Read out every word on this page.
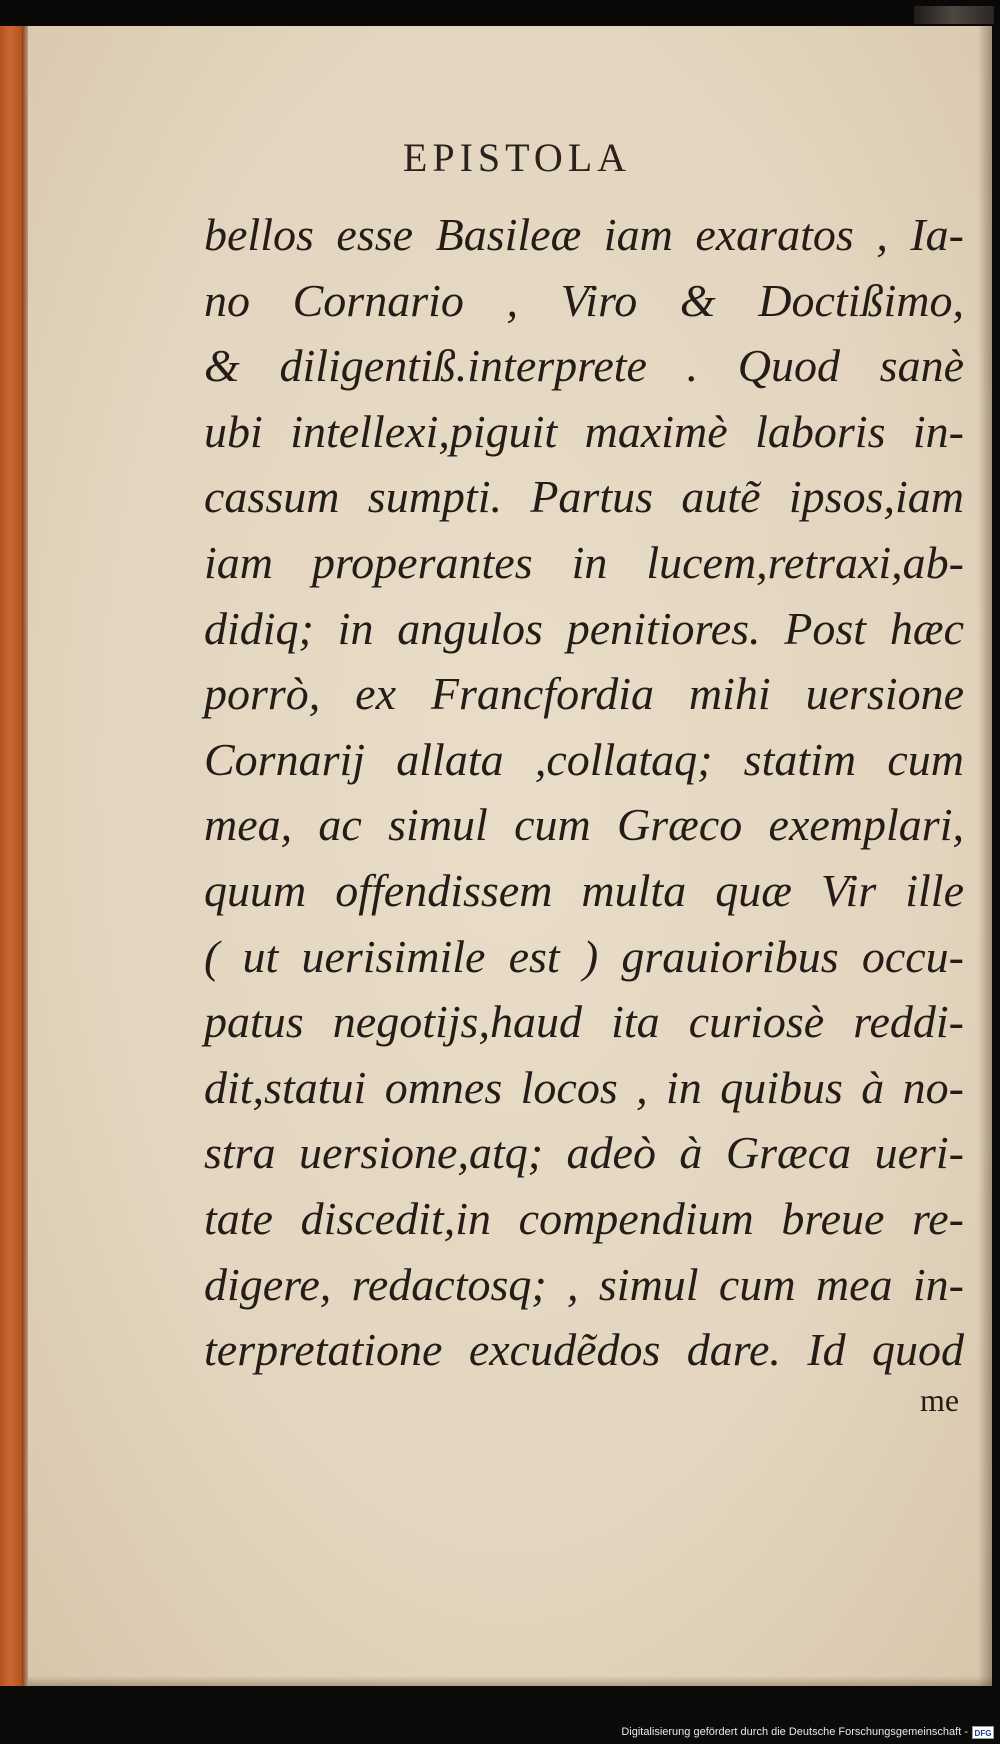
EPISTOLA
bellos esse Basileæ iam exaratos , Ia-
no Cornario , Viro & Doctißimo,
& diligentiß.interprete . Quod sanè
ubi intellexi,piguit maximè laboris in-
cassum sumpti. Partus autẽ ipsos,iam
iam properantes in lucem,retraxi,ab-
didiq; in angulos penitiores. Post hæc
porrò, ex Francfordia mihi uersione
Cornarij allata ,collataq; statim cum
mea, ac simul cum Græco exemplari,
quum offendissem multa quæ Vir ille
( ut uerisimile est ) grauioribus occu-
patus negotijs,haud ita curiosè reddi-
dit,statui omnes locos , in quibus à no-
stra uersione,atq; adeò à Græca ueri-
tate discedit,in compendium breue re-
digere, redactosq; , simul cum mea in-
terpretatione excudẽdos dare. Id quod
me
Digitalisierung gefördert durch die Deutsche Forschungsgemeinschaft - DFG
